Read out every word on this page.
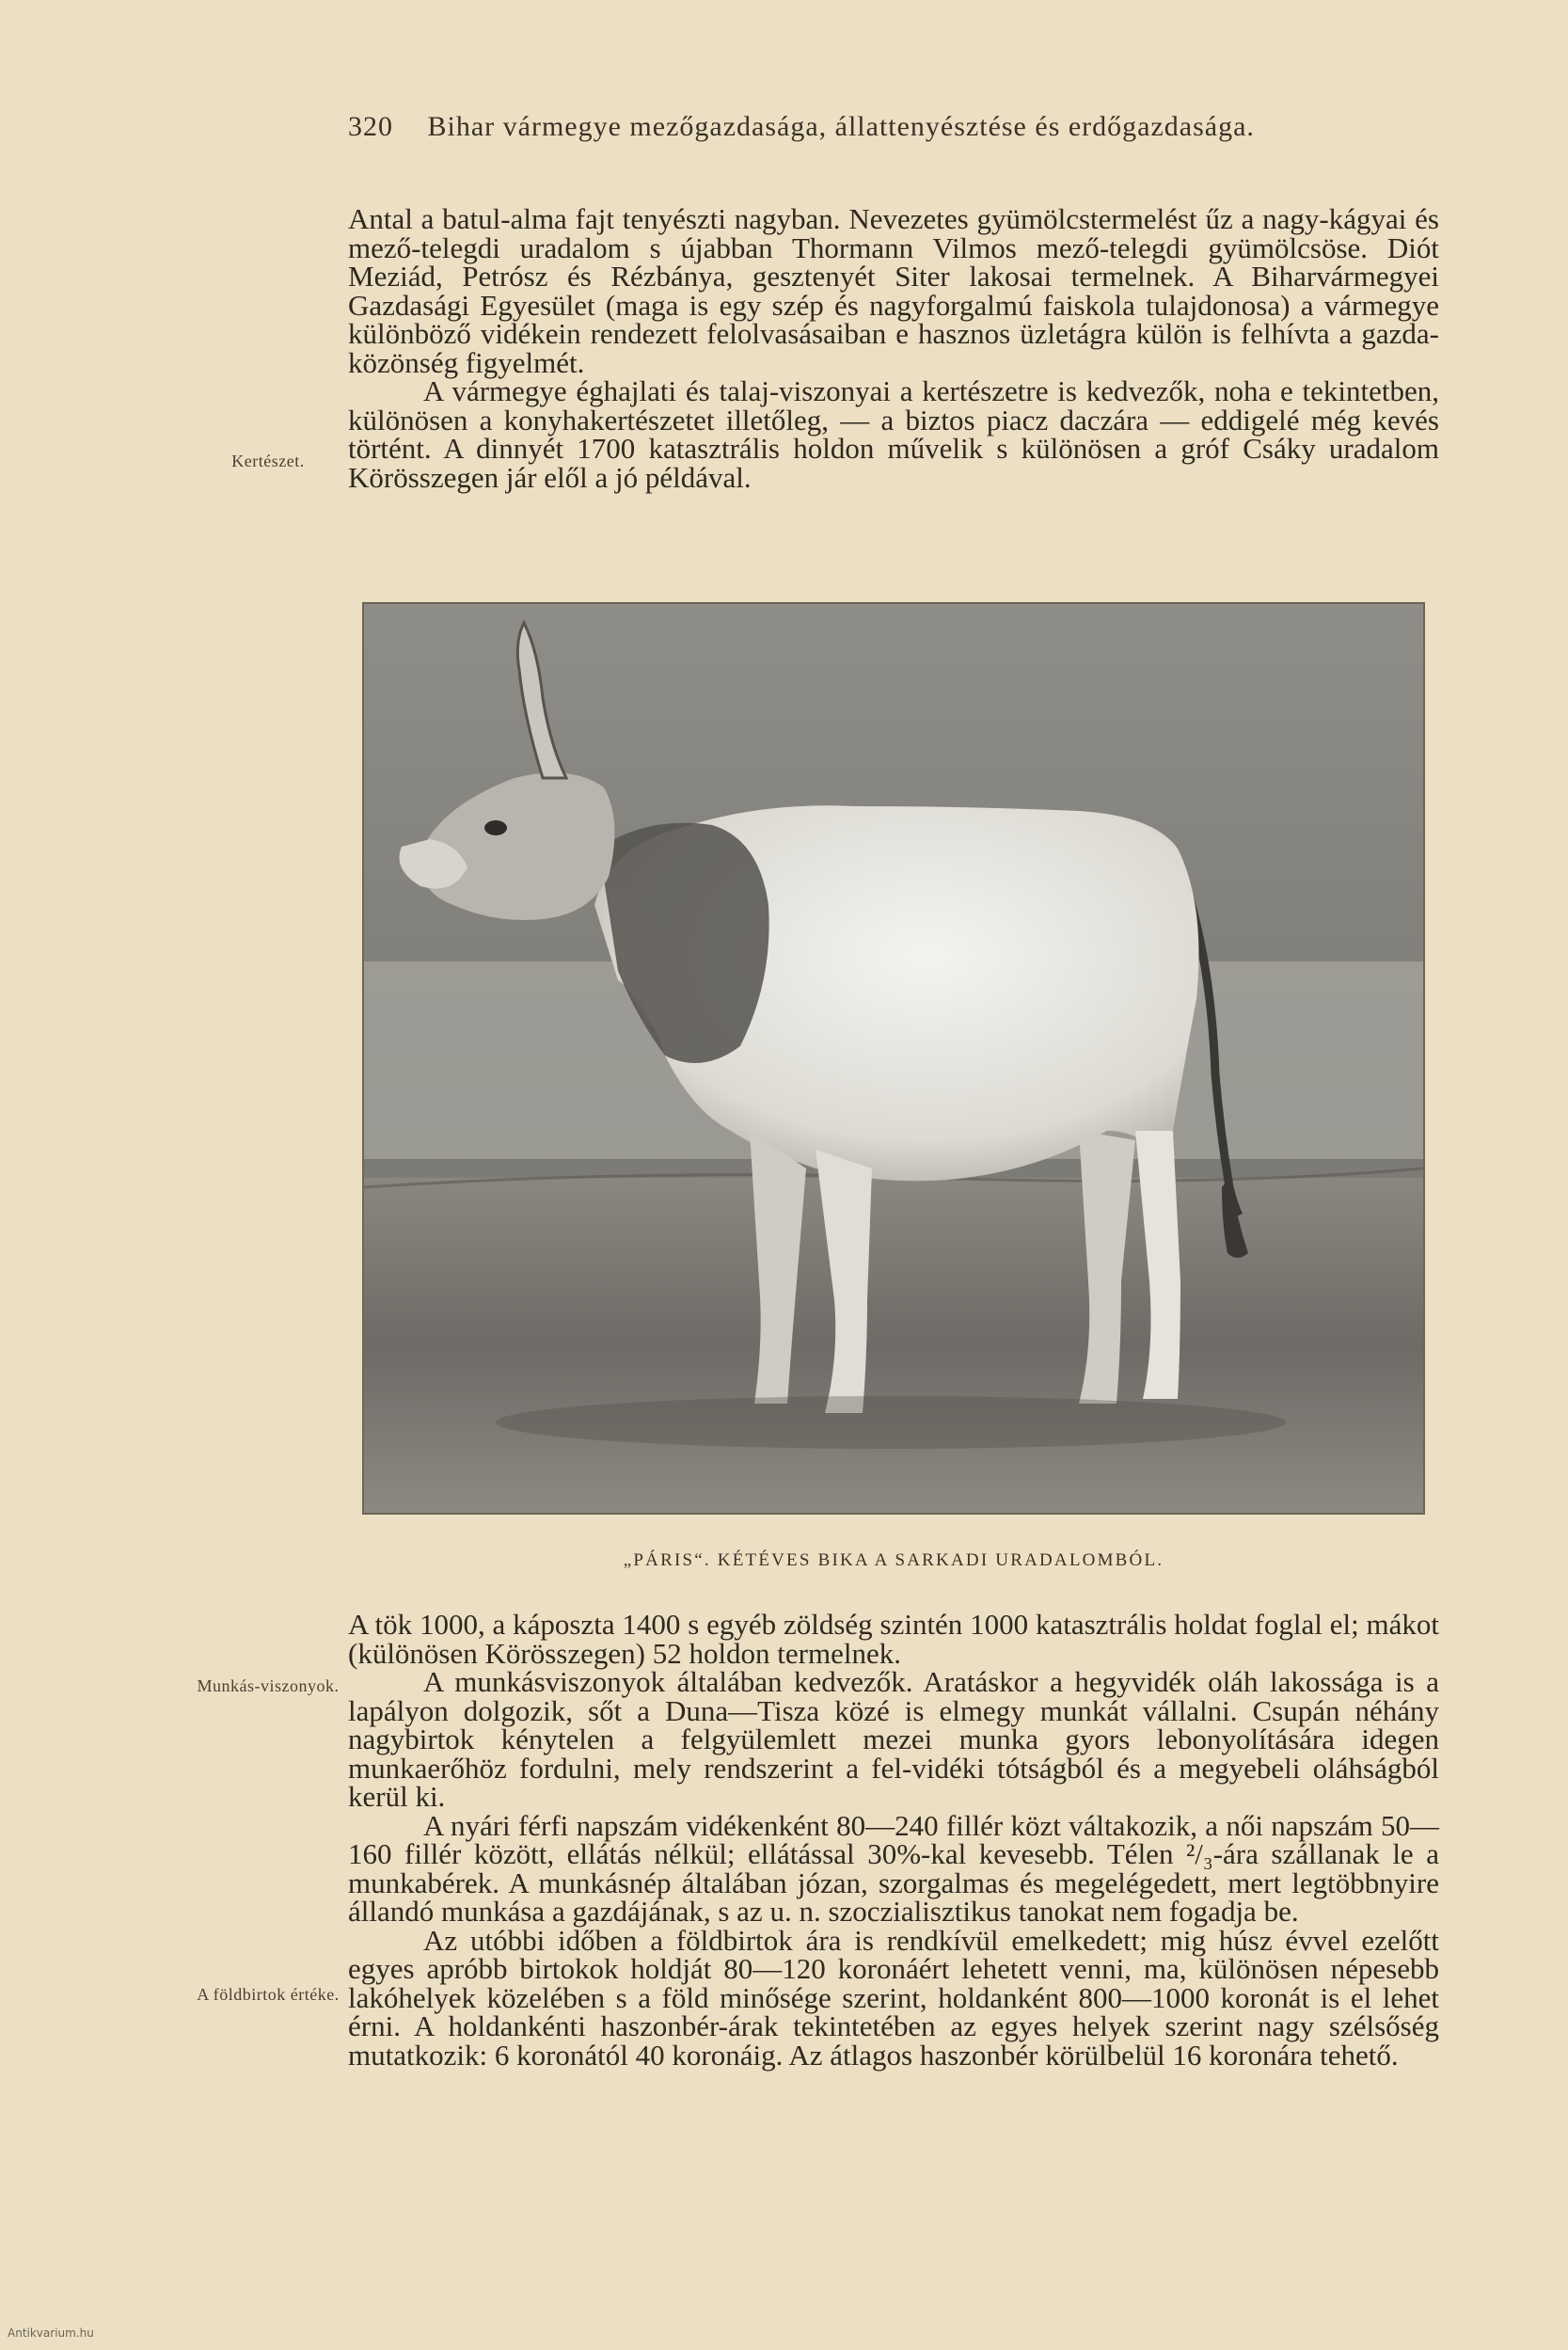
320 Bihar vármegye mezőgazdasága, állattenyésztése és erdőgazdasága.
Kertészet.

Antal a batul-alma fajt tenyészti nagyban. Nevezetes gyümölcstermelést űz a nagy-kágyai és mező-telegdi uradalom s újabban Thormann Vilmos mező-telegdi gyümölcsöse. Diót Meziád, Petrósz és Rézbánya, gesztenyét Siter lakosai termelnek. A Biharvármegyei Gazdasági Egyesület (maga is egy szép és nagyforgalmú faiskola tulajdonosa) a vármegye különböző vidékein rendezett felolvasásaiban e hasznos üzletágra külön is felhívta a gazda-közönség figyelmét.

A vármegye éghajlati és talaj-viszonyai a kertészetre is kedvezők, noha e tekintetben, különösen a konyhakertészetet illetőleg, — a biztos piacz daczára — eddigelé még kevés történt. A dinnyét 1700 katasztrális holdon művelik s különösen a gróf Csáky uradalom Körösszegen jár elől a jó példával.

„PÁRIS“. KÉTÉVES BIKA A SARKADI URADALOMBÓL.
Munkás-viszonyok.
A földbirtok értéke.

A tök 1000, a káposzta 1400 s egyéb zöldség szintén 1000 katasztrális holdat foglal el; mákot (különösen Körösszegen) 52 holdon termelnek.

A munkásviszonyok általában kedvezők. Aratáskor a hegyvidék oláh lakossága is a lapályon dolgozik, sőt a Duna—Tisza közé is elmegy munkát vállalni. Csupán néhány nagybirtok kénytelen a felgyülemlett mezei munka gyors lebonyolítására idegen munkaerőhöz fordulni, mely rendszerint a fel-vidéki tótságból és a megyebeli oláhságból kerül ki.

A nyári férfi napszám vidékenként 80—240 fillér közt váltakozik, a női napszám 50—160 fillér között, ellátás nélkül; ellátással 30%-kal kevesebb. Télen ²/₃-ára szállanak le a munkabérek. A munkásnép általában józan, szorgalmas és megelégedett, mert legtöbbnyire állandó munkása a gazdájának, s az u. n. szoczialisztikus tanokat nem fogadja be.

Az utóbbi időben a földbirtok ára is rendkívül emelkedett; mig húsz évvel ezelőtt egyes apróbb birtokok holdját 80—120 koronáért lehetett venni, ma, különösen népesebb lakóhelyek közelében s a föld minősége szerint, holdanként 800—1000 koronát is el lehet érni. A holdankénti haszonbér-árak tekintetében az egyes helyek szerint nagy szélsőség mutatkozik: 6 koronától 40 koronáig. Az átlagos haszonbér körülbelül 16 koronára tehető.

Antikvarium.hu
